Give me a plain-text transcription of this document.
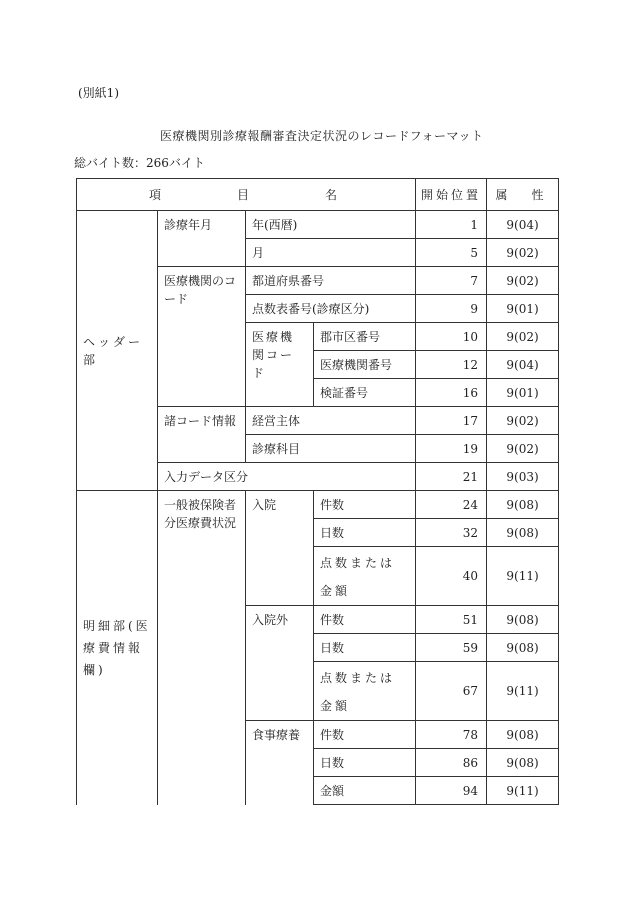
(別紙1)
医療機関別診療報酬審査決定状況のレコードフォーマット
総バイト数：266バイト
項 目 名				開始位置	属　性
ヘッダー部	診療年月	年(西暦)		1	9(04)
		月		5	9(02)
	医療機関のコード	都道府県番号		7	9(02)
		点数表番号(診療区分)		9	9(01)
		医療機関コード	郡市区番号	10	9(02)
			医療機関番号	12	9(04)
			検証番号	16	9(01)
	諸コード情報	経営主体		17	9(02)
		診療科目		19	9(02)
	入力データ区分			21	9(03)
明細部(医療費情報欄)	一般被保険者分医療費状況	入院	件数	24	9(08)
			日数	32	9(08)
			点数または金額	40	9(11)
		入院外	件数	51	9(08)
			日数	59	9(08)
			点数または金額	67	9(11)
		食事療養	件数	78	9(08)
			日数	86	9(08)
			金額	94	9(11)
